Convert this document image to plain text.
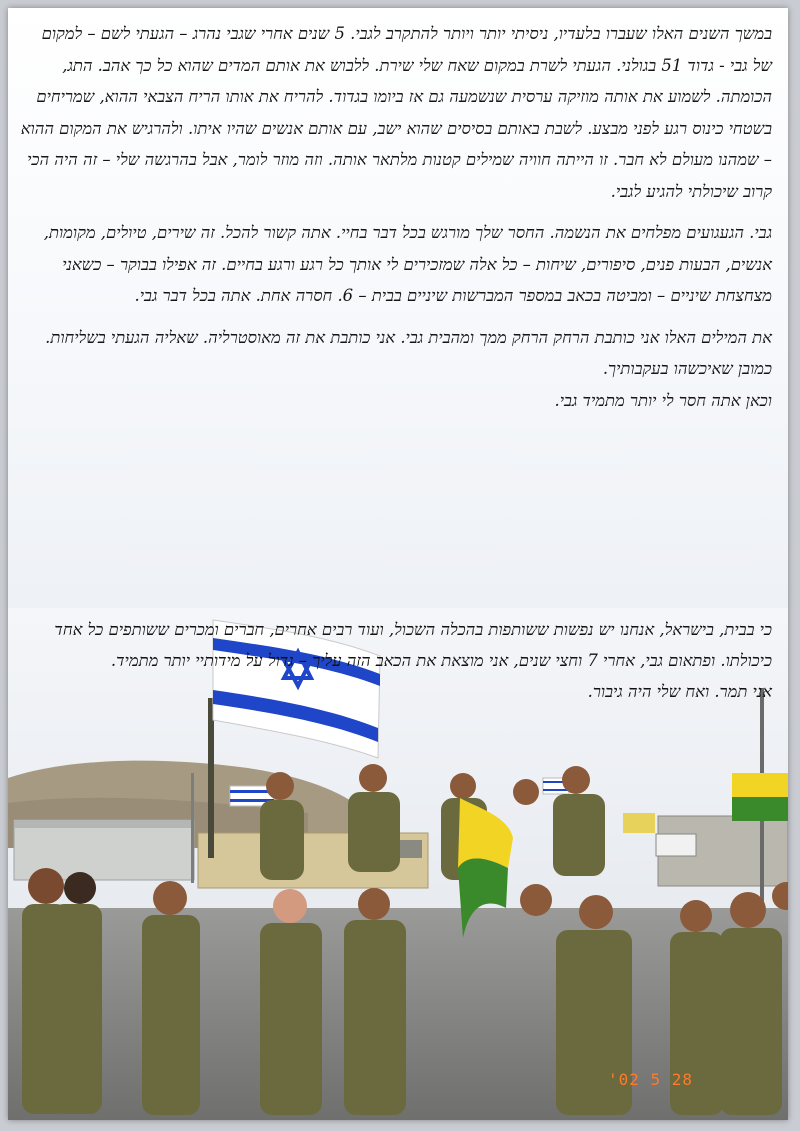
במשך השנים האלו שעברו בלעדיו, ניסיתי יותר ויותר להתקרב לגבי. 5 שנים אחרי שגבי נהרג – הגעתי לשם – למקום של גבי - גדוד 51 בגולני. הגעתי לשרת במקום שאח שלי שירת. ללבוש את אותם המדים שהוא כל כך אהב. התג, הכומתה. לשמוע את אותה מוזיקה ערסית שנשמעה גם אז ביומו בגדוד. להריח את אותו הריח הצבאי ההוא, שמריחים בשטחי כינוס רגע לפני מבצע. לשבת באותם בסיסים שהוא ישב, עם אותם אנשים שהיו איתו. ולהרגיש את המקום ההוא – שמהנו מעולם לא חבר. זו הייתה חוויה שמילים קטנות מלתאר אותה. וזה מוזר לומר, אבל בהרגשה שלי – זה היה הכי קרוב שיכולתי להגיע לגבי.

גבי. הגעגועים מפלחים את הנשמה. החסר שלך מורגש בכל דבר בחיי. אתה קשור להכל. זה שירים, טיולים, מקומות, אנשים, הבעות פנים, סיפורים, שיחות – כל אלה שמזכירים לי אותך כל רגע ורגע בחיים. זה אפילו בבוקר – כשאני מצחצחת שיניים – ומביטה בכאב במספר המברשות שיניים בבית – 6. חסרה אחת. אתה בכל דבר גבי.

את המילים האלו אני כותבת הרחק הרחק ממך ומהבית גבי. אני כותבת את זה מאוסטרליה. שאליה הגעתי בשליחות. כמובן שאיכשהו בעקבותיך.

וכאן אתה חסר לי יותר מתמיד גבי.

כי בבית, בישראל, אנחנו יש נפשות ששותפות בהכלה השכול, ועוד רבים אחרים, חברים ומכרים ששותפים כל אחד כיכולתו. ופתאום גבי, אחרי 7 וחצי שנים, אני מוצאת את הכאב הזה עליך – גדול על מידותיי יותר מתמיד.
אני תמר. ואח שלי היה גיבור.

'02 5 28
